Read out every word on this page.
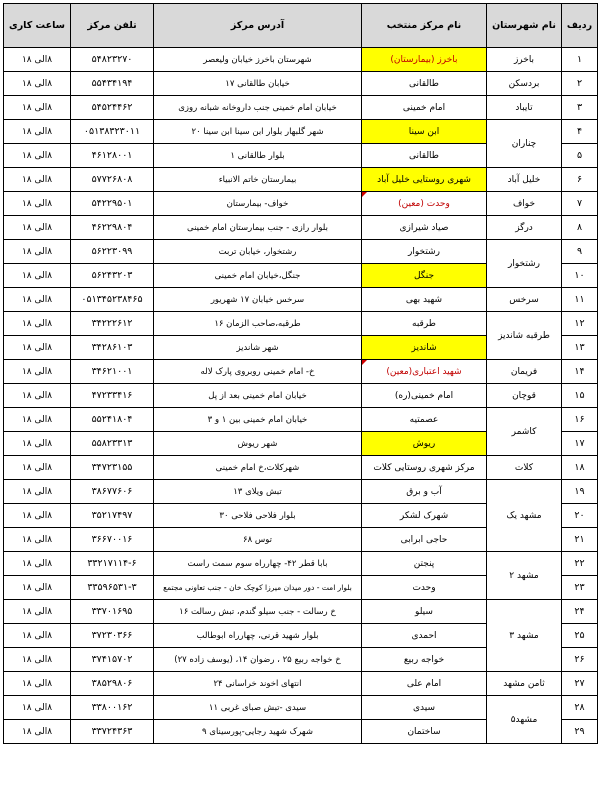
ردیف	نام شهرستان	نام مرکز منتخب	آدرس مرکز	تلفن مرکز	ساعت کاری
۱	باخرز	باخرز (بیمارستان)	شهرستان باخرز خیابان ولیعصر	۵۴۸۲۳۲۷۰	۸الی ۱۸
۲	بردسکن	طالقانی	خیابان طالقانی ۱۷	۵۵۴۳۴۱۹۴	۸الی ۱۸
۳	تایباد	امام خمینی	خیابان امام خمینی جنب داروخانه شبانه روزی	۵۴۵۲۴۴۶۲	۸الی ۱۸
۴	چناران	ابن سینا	شهر گلبهار بلوار ابن سینا ابن سینا ۲۰	۰۵۱۳۸۳۲۳۰۱۱	۸الی ۱۸
۵		طالقانی	بلوار طالقانی ۱	۴۶۱۲۸۰۰۱	۸الی ۱۸
۶	خلیل آباد	شهری روستایی خلیل آباد	بیمارستان خاتم الانبیاء	۵۷۷۲۶۸۰۸	۸الی ۱۸
۷	خواف	وحدت (معین)	خواف- بیمارستان	۵۴۲۲۹۵۰۱	۸الی ۱۸
۸	درگز	صیاد شیرازی	بلوار رازی - جنب بیمارستان امام خمینی	۴۶۲۲۹۸۰۴	۸الی ۱۸
۹	رشتخوار	رشتخوار	رشتخوار، خیابان تربت	۵۶۲۲۳۰۹۹	۸الی ۱۸
۱۰		جنگل	جنگل،خیابان امام خمینی	۵۶۲۴۳۲۰۳	۸الی ۱۸
۱۱	سرخس	شهید بهی	سرخس خیابان ۱۷ شهریور	۰۵۱۳۴۵۲۳۸۴۶۵	۸الی ۱۸
۱۲	طرقبه شاندیز	طرقبه	طرقبه،صاحب الزمان ۱۶	۳۴۲۲۲۶۱۲	۸الی ۱۸
۱۳		شاندیز	شهر شاندیز	۳۴۲۸۶۱۰۳	۸الی ۱۸
۱۴	فریمان	شهید اعتباری(معین)	خ- امام خمینی روبروی پارک لاله	۳۴۶۲۱۰۰۱	۸الی ۱۸
۱۵	قوچان	امام خمینی(ره)	خیابان امام خمینی بعد از پل	۴۷۲۳۳۴۱۶	۸الی ۱۸
۱۶	کاشمر	عصمتیه	خیابان امام خمینی بین ۱ و ۳	۵۵۲۴۱۸۰۴	۸الی ۱۸
۱۷		ریوش	شهر ریوش	۵۵۸۲۳۳۱۳	۸الی ۱۸
۱۸	کلات	مرکز شهری روستایی کلات	شهرکلات،خ امام خمینی	۳۴۷۲۳۱۵۵	۸الی ۱۸
۱۹	مشهد یک	آب و برق	تبش ویلای ۱۳	۳۸۶۷۷۶۰۶	۸الی ۱۸
۲۰		شهرک لشکر	بلوار فلاحی فلاحی ۳۰	۳۵۲۱۷۴۹۷	۸الی ۱۸
۲۱		حاجی ابرابی	توس ۶۸	۳۶۶۷۰۰۱۶	۸الی ۱۸
۲۲	مشهد ۲	پنجتن	بابا قطر ۴۲- چهارراه سوم سمت راست	۳۳۲۱۷۱۱۴-۶	۸الی ۱۸
۲۳		وحدت	بلوار امت - دور میدان میرزا کوچک خان - جنب تعاونی مجتمع	۳۳۵۹۶۵۳۱-۳	۸الی ۱۸
۲۴	مشهد ۳	سیلو	خ رسالت - جنب سیلو گندم، تبش رسالت ۱۶	۳۳۷۰۱۶۹۵	۸الی ۱۸
۲۵		احمدی	بلوار شهید قرنی، چهارراه ابوطالب	۳۷۲۳۰۳۶۶	۸الی ۱۸
۲۶		خواجه ربیع	خ خواجه ربیع ۲۵ ، رضوان ۱۴، (یوسف زاده ۲۷)	۳۷۴۱۵۷۰۲	۸الی ۱۸
۲۷	ثامن مشهد	امام علی	انتهای اخوند خراسانی ۲۴	۳۸۵۲۹۸۰۶	۸الی ۱۸
۲۸	مشهد۵	سیدی	سیدی -تبش صبای غربی ۱۱	۳۳۸۰۰۱۶۲	۸الی ۱۸
۲۹		ساختمان	شهرک شهید رجایی-پورسینای ۹	۳۳۷۲۴۳۶۳	۸الی ۱۸
